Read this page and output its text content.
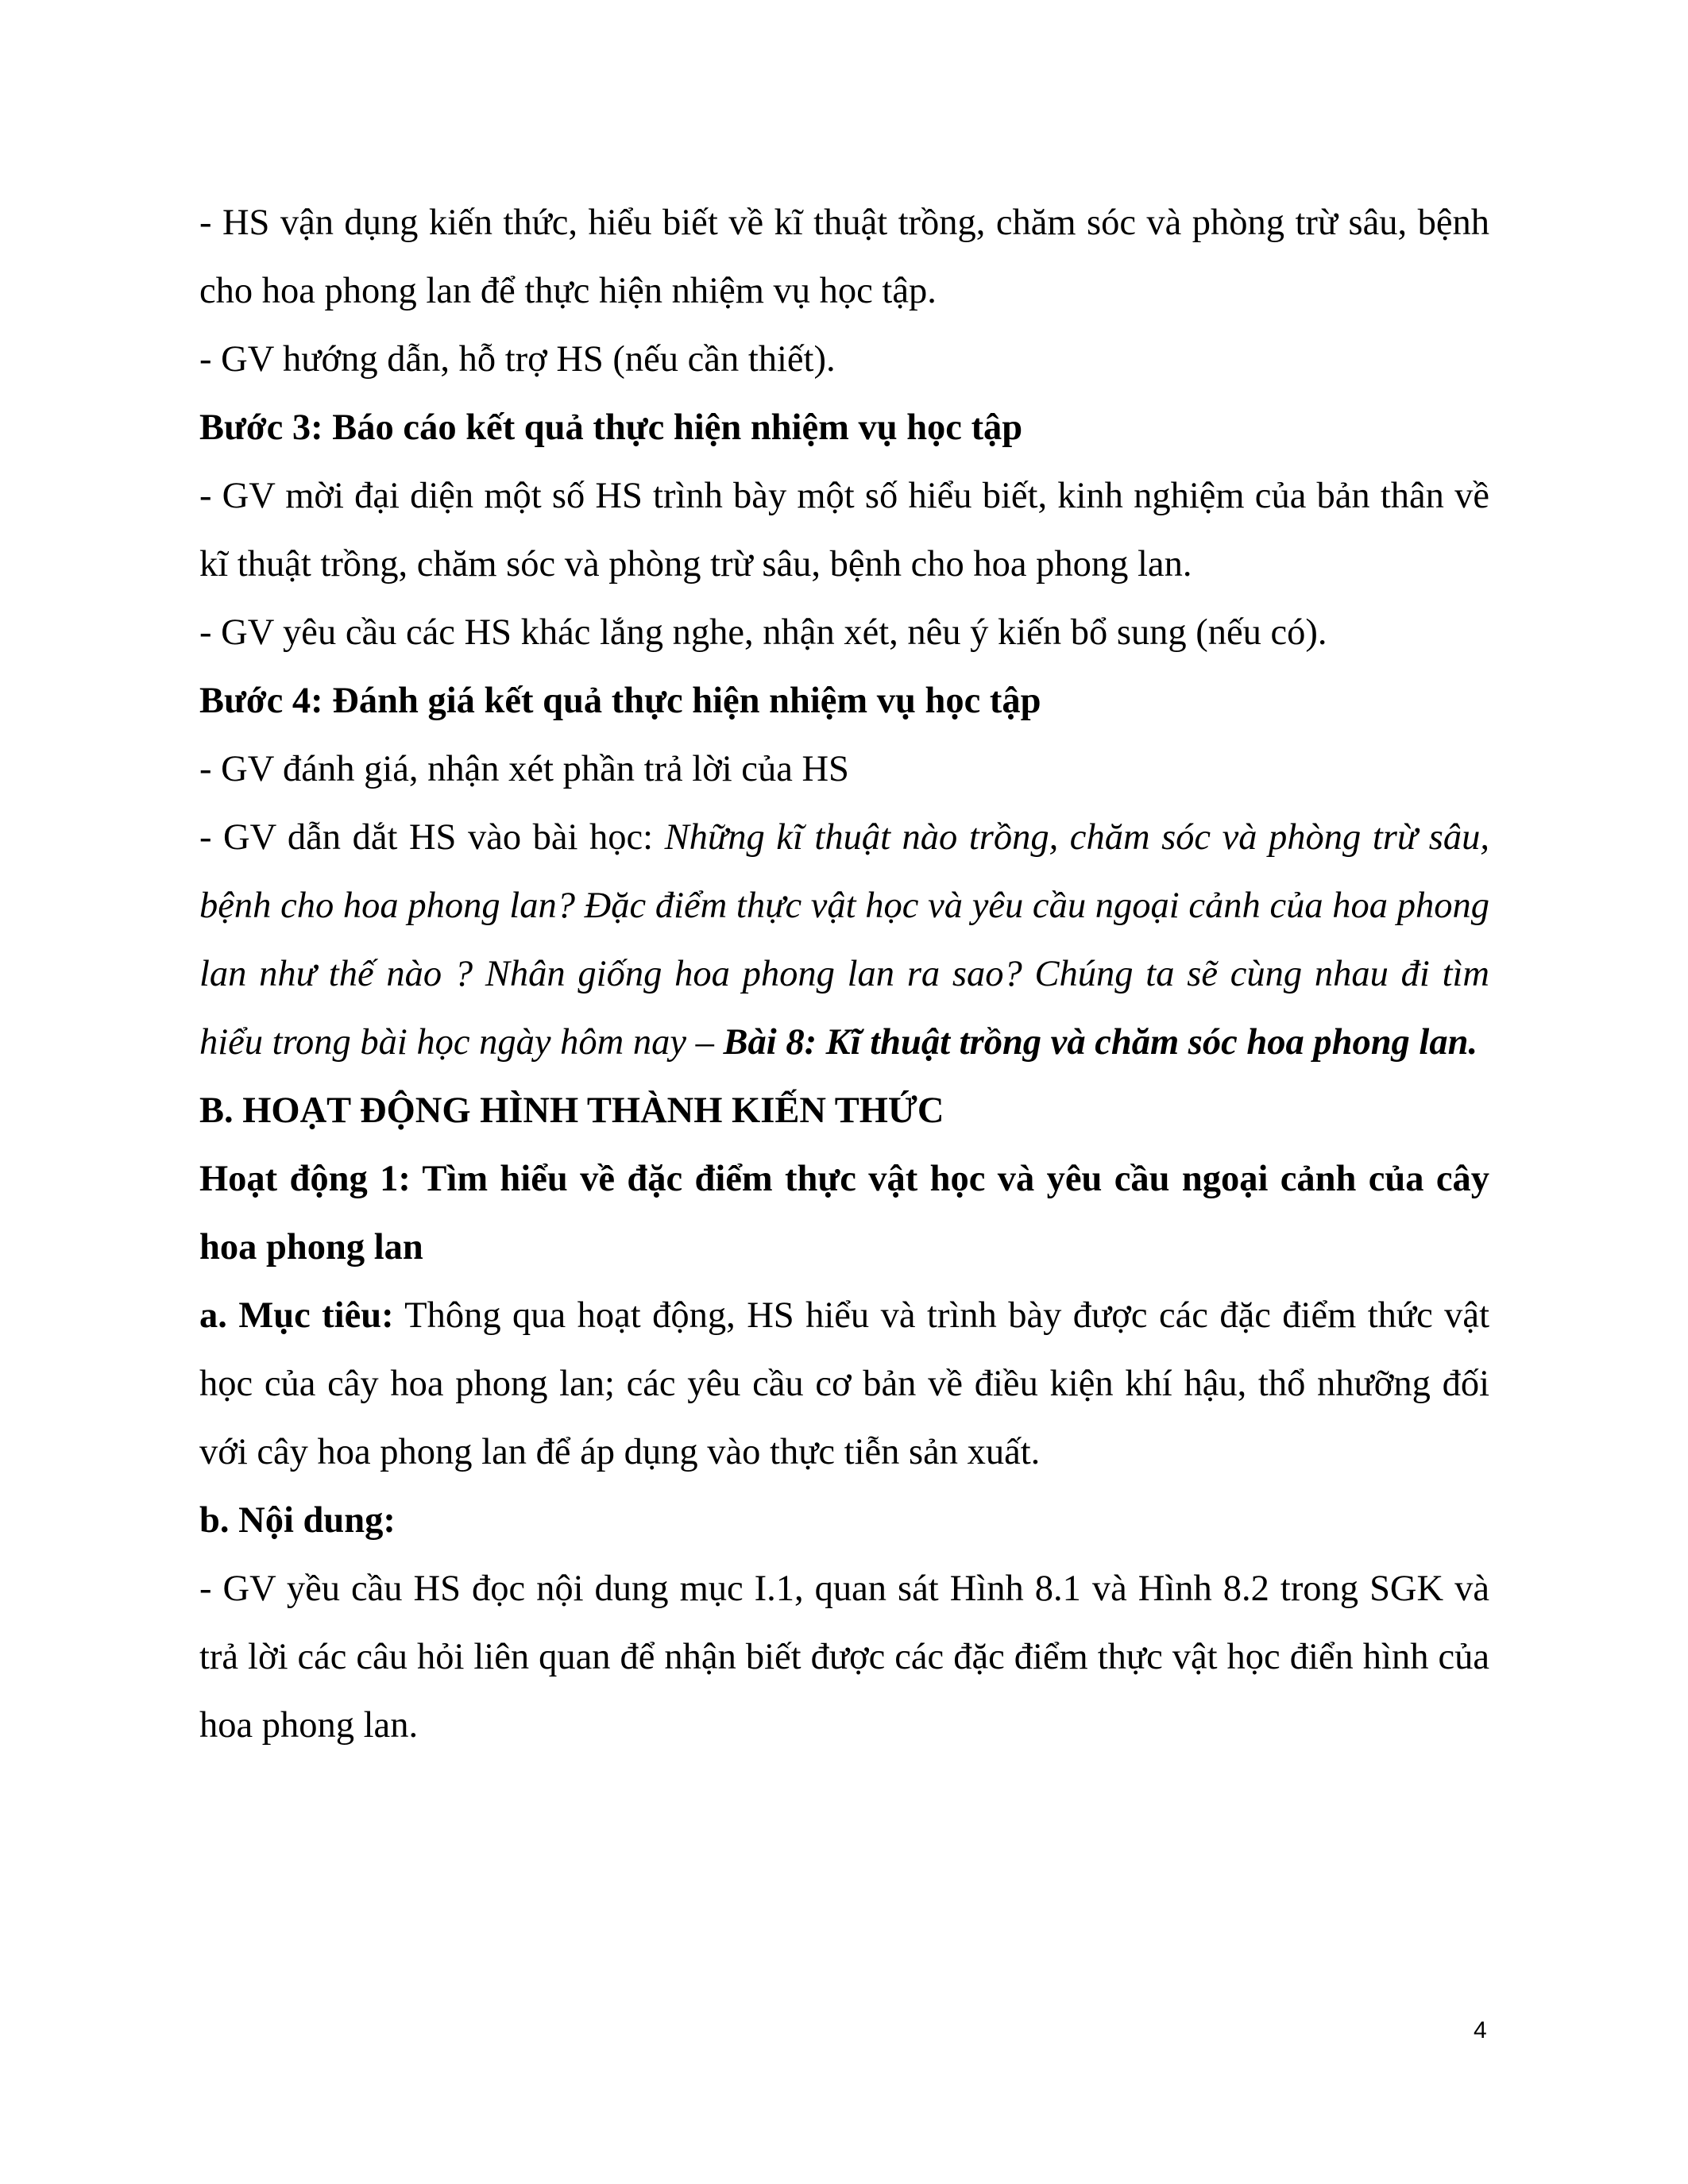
- HS vận dụng kiến thức, hiểu biết về kĩ thuật trồng, chăm sóc và phòng trừ sâu, bệnh cho hoa phong lan để thực hiện nhiệm vụ học tập.

- GV hướng dẫn, hỗ trợ HS (nếu cần thiết).

Bước 3: Báo cáo kết quả thực hiện nhiệm vụ học tập

- GV mời đại diện một số HS trình bày một số hiểu biết, kinh nghiệm của bản thân về kĩ thuật trồng, chăm sóc và phòng trừ sâu, bệnh cho hoa phong lan.

- GV yêu cầu các HS khác lắng nghe, nhận xét, nêu ý kiến bổ sung (nếu có).

Bước 4: Đánh giá kết quả thực hiện nhiệm vụ học tập

- GV đánh giá, nhận xét phần trả lời của HS

- GV dẫn dắt HS vào bài học: Những kĩ thuật nào trồng, chăm sóc và phòng trừ sâu, bệnh cho hoa phong lan? Đặc điểm thực vật học và yêu cầu ngoại cảnh của hoa phong lan như thế nào ? Nhân giống hoa phong lan ra sao? Chúng ta sẽ cùng nhau đi tìm hiểu trong bài học ngày hôm nay – Bài 8: Kĩ thuật trồng và chăm sóc hoa phong lan.

B. HOẠT ĐỘNG HÌNH THÀNH KIẾN THỨC

Hoạt động 1: Tìm hiểu về đặc điểm thực vật học và yêu cầu ngoại cảnh của cây hoa phong lan

a. Mục tiêu: Thông qua hoạt động, HS hiểu và trình bày được các đặc điểm thức vật học của cây hoa phong lan; các yêu cầu cơ bản về điều kiện khí hậu, thổ nhưỡng đối với cây hoa phong lan để áp dụng vào thực tiễn sản xuất.

b. Nội dung:

- GV yều cầu HS đọc nội dung mục I.1, quan sát Hình 8.1 và Hình 8.2 trong SGK và trả lời các câu hỏi liên quan để nhận biết được các đặc điểm thực vật học điển hình của hoa phong lan.

4
